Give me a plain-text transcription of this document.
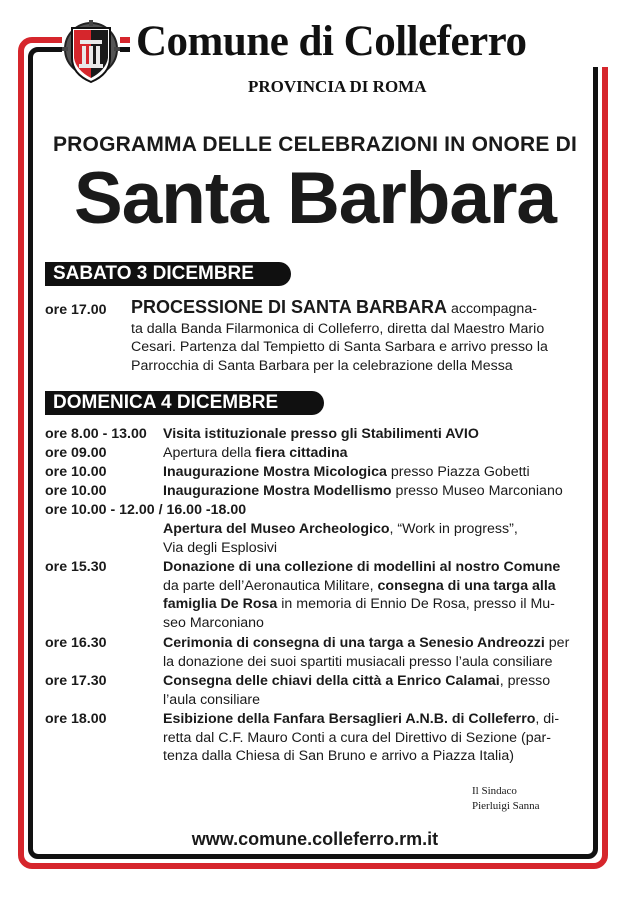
Comune di Colleferro
PROVINCIA DI ROMA
PROGRAMMA DELLE CELEBRAZIONI IN ONORE DI
Santa Barbara
SABATO 3 DICEMBRE
ore 17.00 PROCESSIONE DI SANTA BARBARA accompagna-
ta dalla Banda Filarmonica di Colleferro, diretta dal Maestro Mario
Cesari. Partenza dal Tempietto di Santa Sarbara e arrivo presso la
Parrocchia di Santa Barbara per la celebrazione della Messa
DOMENICA 4 DICEMBRE
ore 8.00 - 13.00 Visita istituzionale presso gli Stabilimenti AVIO
ore 09.00	Apertura della fiera cittadina
ore 10.00	Inaugurazione Mostra Micologica presso Piazza Gobetti
ore 10.00	Inaugurazione Mostra Modellismo presso Museo Marconiano
ore 10.00 - 12.00 / 16.00 -18.00
Apertura del Museo Archeologico, “Work in progress”,
Via degli Esplosivi
ore 15.30	Donazione di una collezione di modellini al nostro Comune
da parte dell’Aeronautica Militare, consegna di una targa alla
famiglia De Rosa in memoria di Ennio De Rosa, presso il Mu-
seo Marconiano
ore 16.30	Cerimonia di consegna di una targa a Senesio Andreozzi per
la donazione dei suoi spartiti musiacali presso l’aula consiliare
ore 17.30	Consegna delle chiavi della città a Enrico Calamai, presso
l’aula consiliare
ore 18.00	Esibizione della Fanfara Bersaglieri A.N.B. di Colleferro, di-
retta dal C.F. Mauro Conti a cura del Direttivo di Sezione (par-
tenza dalla Chiesa di San Bruno e arrivo a Piazza Italia)
Il Sindaco
Pierluigi Sanna
www.comune.colleferro.rm.it
